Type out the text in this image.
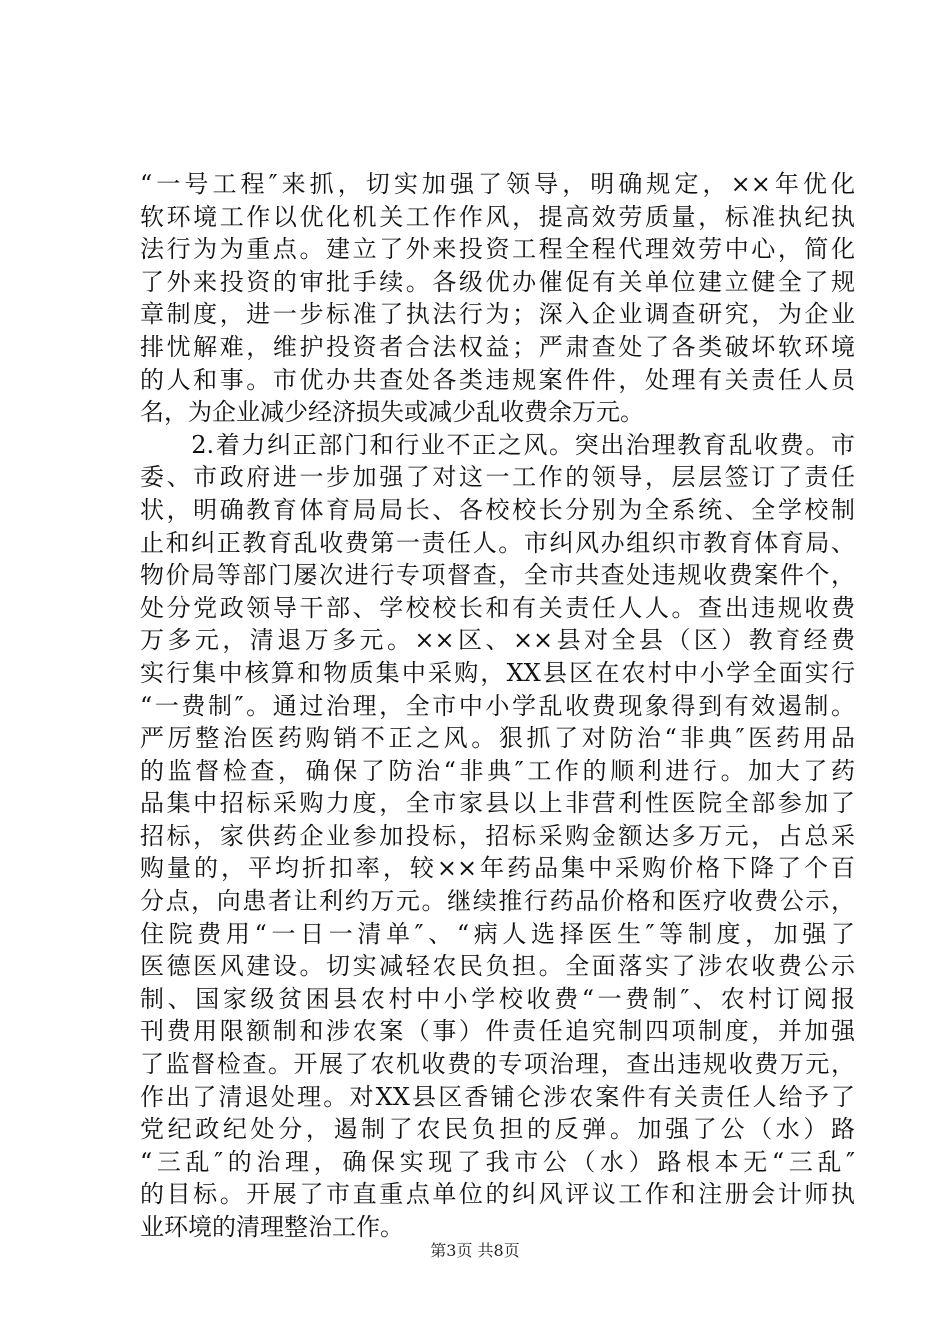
“一号工程″来抓，切实加强了领导，明确规定，××年优化
软环境工作以优化机关工作作风，提高效劳质量，标准执纪执
法行为为重点。建立了外来投资工程全程代理效劳中心，简化
了外来投资的审批手续。各级优办催促有关单位建立健全了规
章制度，进一步标准了执法行为；深入企业调查研究，为企业
排忧解难，维护投资者合法权益；严肃查处了各类破坏软环境
的人和事。市优办共查处各类违规案件件，处理有关责任人员
名，为企业减少经济损失或减少乱收费余万元。
　　2.着力纠正部门和行业不正之风。突出治理教育乱收费。市
委、市政府进一步加强了对这一工作的领导，层层签订了责任
状，明确教育体育局局长、各校校长分别为全系统、全学校制
止和纠正教育乱收费第一责任人。市纠风办组织市教育体育局、
物价局等部门屡次进行专项督查，全市共查处违规收费案件个，
处分党政领导干部、学校校长和有关责任人人。查出违规收费
万多元，清退万多元。××区、××县对全县（区）教育经费
实行集中核算和物质集中采购，XX县区在农村中小学全面实行
“一费制″。通过治理，全市中小学乱收费现象得到有效遏制。
严厉整治医药购销不正之风。狠抓了对防治“非典″医药用品
的监督检查，确保了防治“非典″工作的顺利进行。加大了药
品集中招标采购力度，全市家县以上非营利性医院全部参加了
招标，家供药企业参加投标，招标采购金额达多万元，占总采
购量的，平均折扣率，较××年药品集中采购价格下降了个百
分点，向患者让利约万元。继续推行药品价格和医疗收费公示，
住院费用“一日一清单″、“病人选择医生″等制度，加强了
医德医风建设。切实减轻农民负担。全面落实了涉农收费公示
制、国家级贫困县农村中小学校收费“一费制″、农村订阅报
刊费用限额制和涉农案（事）件责任追究制四项制度，并加强
了监督检查。开展了农机收费的专项治理，查出违规收费万元，
作出了清退处理。对XX县区香铺仑涉农案件有关责任人给予了
党纪政纪处分，遏制了农民负担的反弹。加强了公（水）路
“三乱″的治理，确保实现了我市公（水）路根本无“三乱″
的目标。开展了市直重点单位的纠风评议工作和注册会计师执
业环境的清理整治工作。
第3页 共8页
